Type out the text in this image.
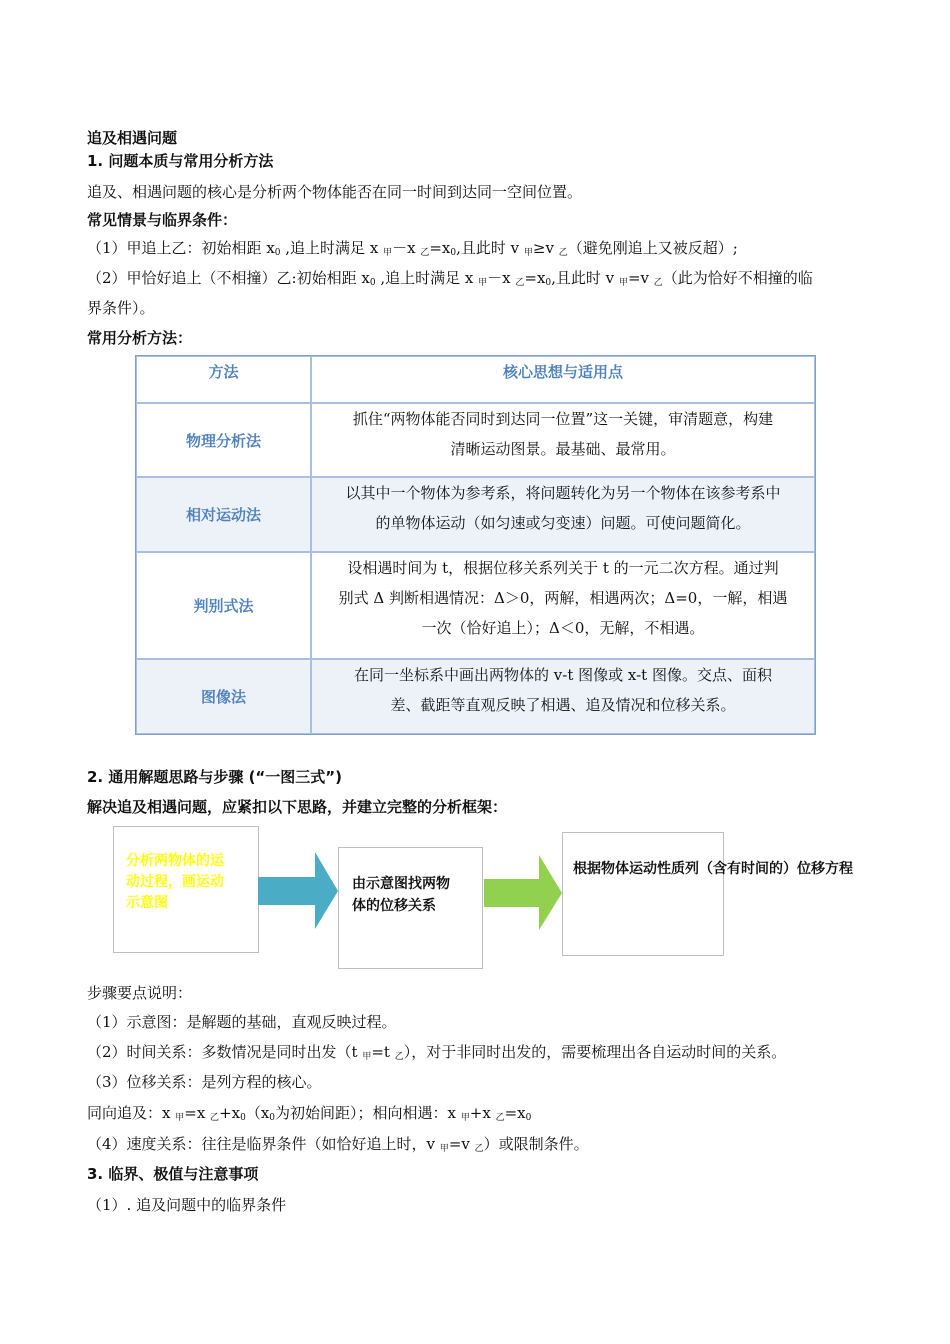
追及相遇问题
1. 问题本质与常用分析方法
追及、相遇问题的核心是分析两个物体能否在同一时间到达同一空间位置。
常见情景与临界条件：
（1）甲追上乙：初始相距 $x_0$ ,追上时满足 x $_甲$－x $_乙=x_0$,且此时 v $_甲$≥v $_乙$（避免刚追上又被反超）;
（2）甲恰好追上（不相撞）乙:初始相距 $x_0$ ,追上时满足 x $_甲$－x $_乙=x_0$,且此时 v $_甲$=v $_乙$（此为恰好不相撞的临
界条件）。
常用分析方法：
方法	核心思想与适用点
物理分析法
抓住“两物体能否同时到达同一位置”这一关键，审清题意，构建
清晰运动图景。最基础、最常用。
相对运动法
以其中一个物体为参考系，将问题转化为另一个物体在该参考系中
的单物体运动（如匀速或匀变速）问题。可使问题简化。
判别式法
设相遇时间为 t，根据位移关系列关于 t 的一元二次方程。通过判
别式 Δ 判断相遇情况：Δ＞0，两解，相遇两次；Δ=0，一解，相遇
一次（恰好追上）；Δ＜0，无解，不相遇。
图像法
在同一坐标系中画出两物体的 v-t 图像或 x-t 图像。交点、面积
差、截距等直观反映了相遇、追及情况和位移关系。
2. 通用解题思路与步骤 (“一图三式”)
解决追及相遇问题，应紧扣以下思路，并建立完整的分析框架：
分析两物体的运
动过程，画运动
示意图
由示意图找两物
体的位移关系
根据物体运动性质列（含有时间的）位移方程
步骤要点说明：
（1）示意图：是解题的基础，直观反映过程。
（2）时间关系：多数情况是同时出发（t $_甲$=t $_乙$），对于非同时出发的，需要梳理出各自运动时间的关系。
（3）位移关系：是列方程的核心。
同向追及：x $_甲$=x $_乙+x_0(x_0$为初始间距）；相向相遇：x $_甲$+x $_乙=x_0$
（4）速度关系：往往是临界条件（如恰好追上时，v $_甲$=v $_乙$）或限制条件。
3. 临界、极值与注意事项
（1）. 追及问题中的临界条件
